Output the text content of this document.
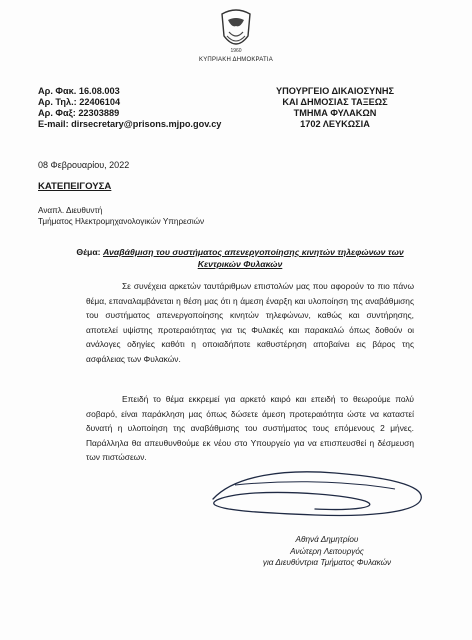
1960
ΚΥΠΡΙΑΚΗ ΔΗΜΟΚΡΑΤΙΑ
Αρ. Φακ. 16.08.003
Αρ. Τηλ.: 22406104
Αρ. Φαξ: 22303889
E-mail: dirsecretary@prisons.mjpo.gov.cy
ΥΠΟΥΡΓΕΙΟ ΔΙΚΑΙΟΣΥΝΗΣ
ΚΑΙ ΔΗΜΟΣΙΑΣ ΤΑΞΕΩΣ
ΤΜΗΜΑ ΦΥΛΑΚΩΝ
1702 ΛΕΥΚΩΣΙΑ
08 Φεβρουαρίου, 2022
ΚΑΤΕΠΕΙΓΟΥΣΑ
Αναπλ. Διευθυντή
Τμήματος Ηλεκτρομηχανολογικών Υπηρεσιών
Θέμα: Αναβάθμιση του συστήματος απενεργοποίησης κινητών τηλεφώνων των Κεντρικών Φυλακών
Σε συνέχεια αρκετών ταυτάριθμων επιστολών μας που αφορούν το πιο πάνω θέμα, επαναλαμβάνεται η θέση μας ότι η άμεση έναρξη και υλοποίηση της αναβάθμισης του συστήματος απενεργοποίησης κινητών τηλεφώνων, καθώς και συντήρησης, αποτελεί υψίστης προτεραιότητας για τις Φυλακές και παρακαλώ όπως δοθούν οι ανάλογες οδηγίες καθότι η οποιαδήποτε καθυστέρηση αποβαίνει εις βάρος της ασφάλειας των Φυλακών.
Επειδή το θέμα εκκρεμεί για αρκετό καιρό και επειδή το θεωρούμε πολύ σοβαρό, είναι παράκληση μας όπως δώσετε άμεση προτεραιότητα ώστε να καταστεί δυνατή η υλοποίηση της αναβάθμισης του συστήματος τους επόμενους 2 μήνες. Παράλληλα θα απευθυνθούμε εκ νέου στο Υπουργείο για να επισπευσθεί η δέσμευση των πιστώσεων.
Αθηνά Δημητρίου
Ανώτερη Λειτουργός
για Διευθύντρια Τμήματος Φυλακών
